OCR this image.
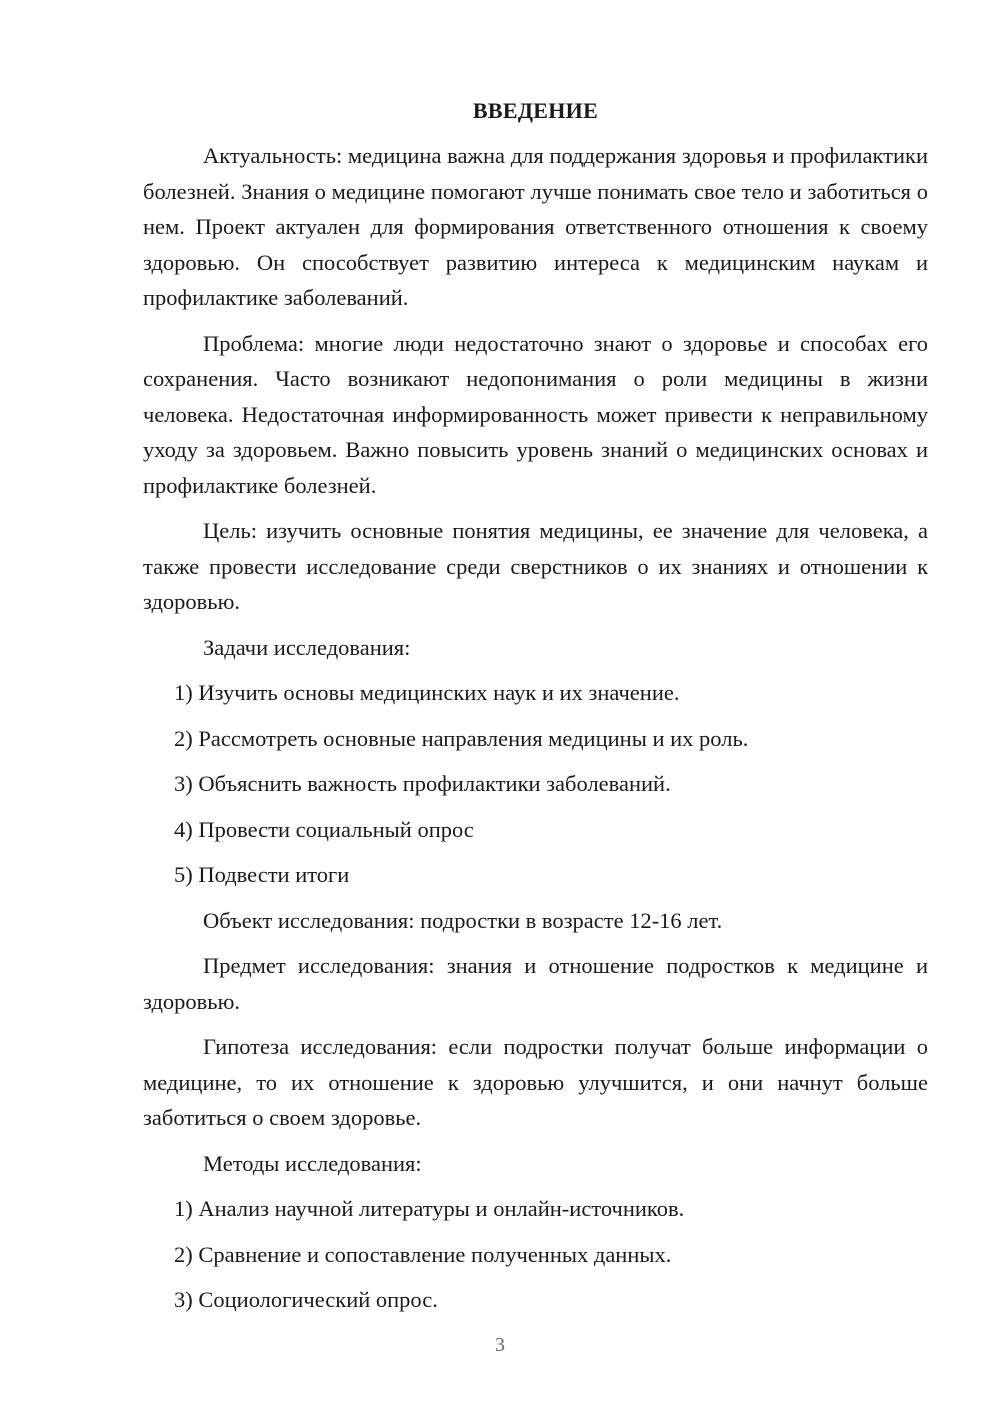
ВВЕДЕНИЕ

Актуальность: медицина важна для поддержания здоровья и профилактики болезней. Знания о медицине помогают лучше понимать свое тело и заботиться о нем. Проект актуален для формирования ответственного отношения к своему здоровью. Он способствует развитию интереса к медицинским наукам и профилактике заболеваний.

Проблема: многие люди недостаточно знают о здоровье и способах его сохранения. Часто возникают недопонимания о роли медицины в жизни человека. Недостаточная информированность может привести к неправильному уходу за здоровьем. Важно повысить уровень знаний о медицинских основах и профилактике болезней.

Цель: изучить основные понятия медицины, ее значение для человека, а также провести исследование среди сверстников о их знаниях и отношении к здоровью.

Задачи исследования:
1) Изучить основы медицинских наук и их значение.
2) Рассмотреть основные направления медицины и их роль.
3) Объяснить важность профилактики заболеваний.
4) Провести социальный опрос
5) Подвести итоги
Объект исследования: подростки в возрасте 12-16 лет.

Предмет исследования: знания и отношение подростков к медицине и здоровью.

Гипотеза исследования: если подростки получат больше информации о медицине, то их отношение к здоровью улучшится, и они начнут больше заботиться о своем здоровье.

Методы исследования:
1) Анализ научной литературы и онлайн-источников.
2) Сравнение и сопоставление полученных данных.
3) Социологический опрос.
3
